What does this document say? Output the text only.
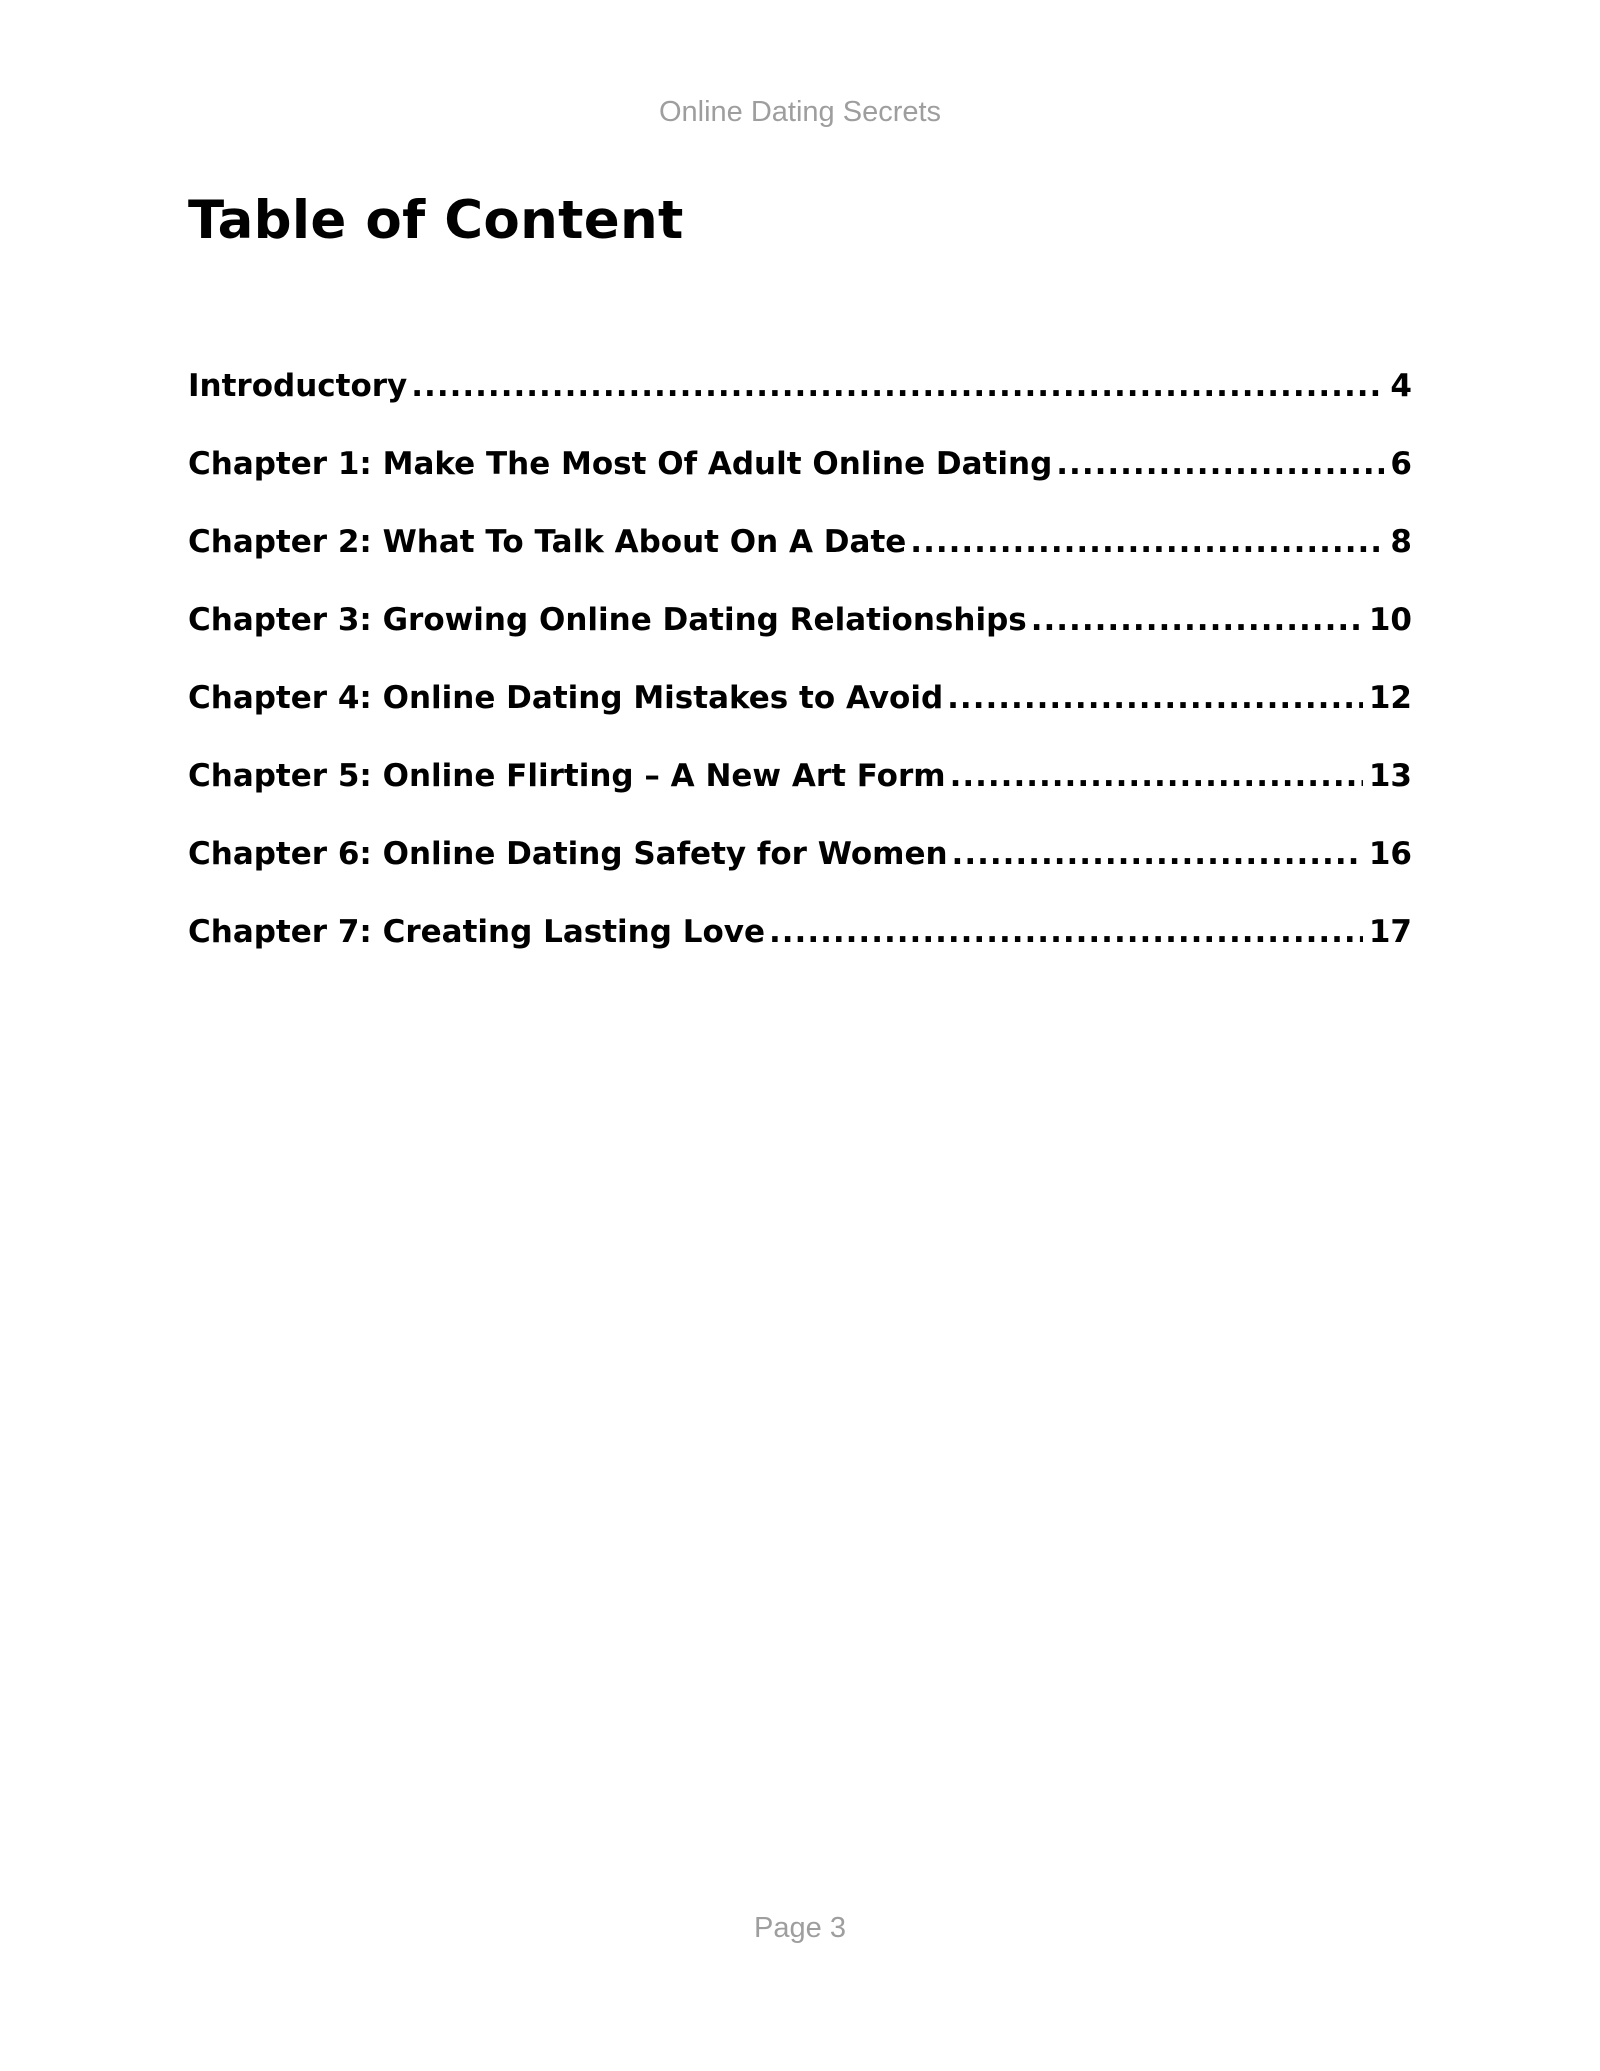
Online Dating Secrets
Table of Content
Introductory .....	4
Chapter 1: Make The Most Of Adult Online Dating .....	6
Chapter 2: What To Talk About On A Date .....	8
Chapter 3: Growing Online Dating Relationships .....	10
Chapter 4: Online Dating Mistakes to Avoid .....	12
Chapter 5: Online Flirting – A New Art Form .....	13
Chapter 6: Online Dating Safety for Women .....	16
Chapter 7: Creating Lasting Love .....	17
Page 3
